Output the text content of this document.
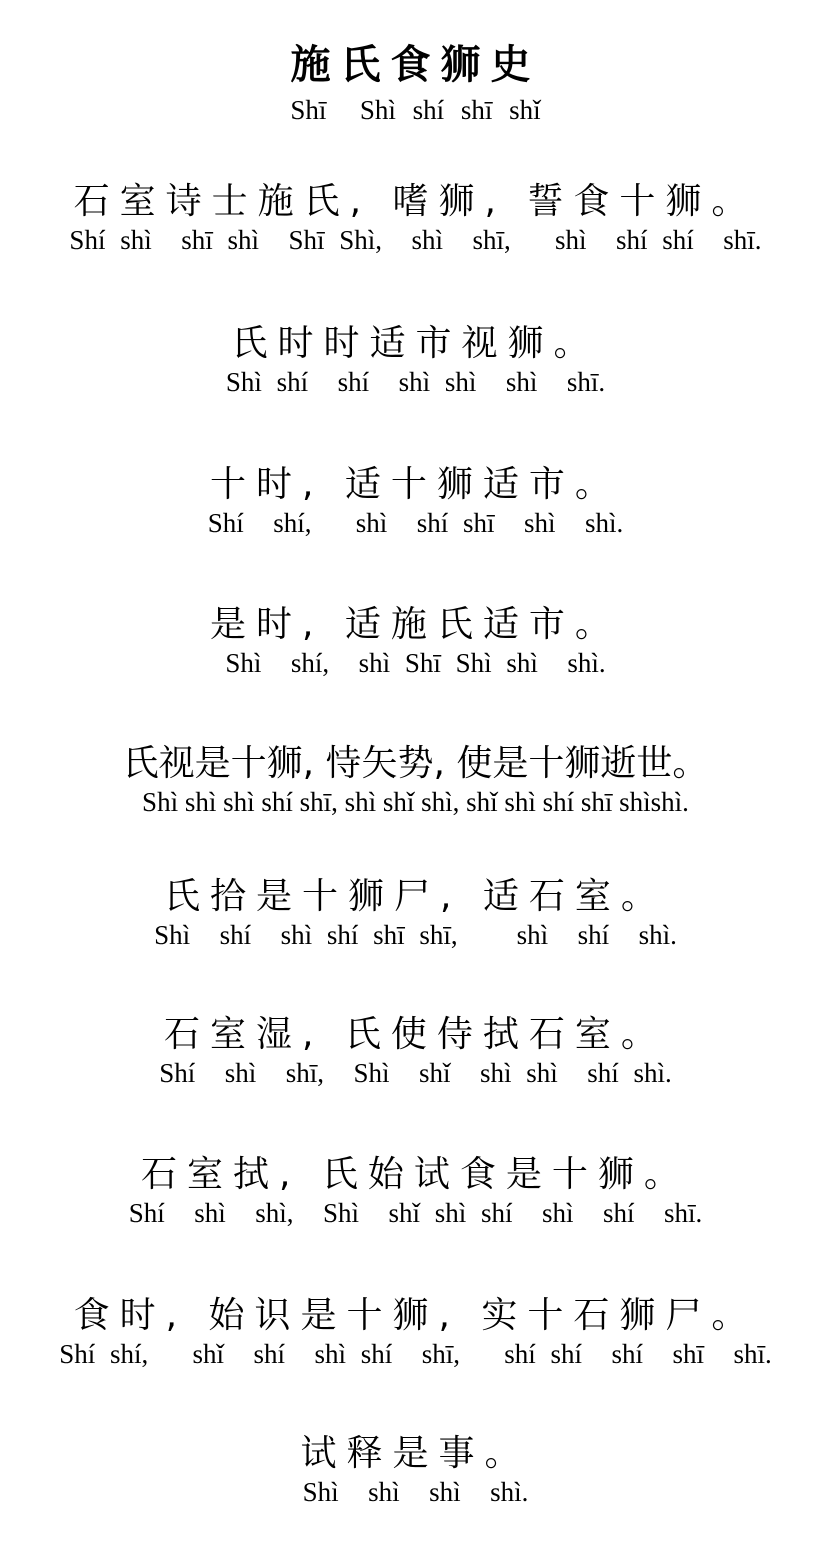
施氏食狮史
Shī  Shì shí shī shǐ
石室诗士施氏, 嗜狮, 誓食十狮。
Shí shì  shī shì  Shī Shì,  shì  shī,   shì  shí shí  shī.
氏时时适市视狮。
Shì shí  shí  shì shì  shì  shī.
十时, 适十狮适市。
Shí  shí,   shì  shí shī  shì  shì.
是时, 适施氏适市。
Shì  shí,  shì Shī Shì shì  shì.
氏视是十狮, 恃矢势, 使是十狮逝世。
Shì shì shì shí shī, shì shǐ shì, shǐ shì shí shī shìshì.
氏拾是十狮尸, 适石室。
Shì  shí  shì shí shī shī,    shì  shí  shì.
石室湿, 氏使侍拭石室。
Shí  shì  shī,  Shì  shǐ  shì shì  shí shì.
石室拭, 氏始试食是十狮。
Shí  shì  shì,  Shì  shǐ shì shí  shì  shí  shī.
食时, 始识是十狮, 实十石狮尸。
Shí shí,   shǐ  shí  shì shí  shī,   shí shí  shí  shī  shī.
试释是事。
Shì  shì  shì  shì.
